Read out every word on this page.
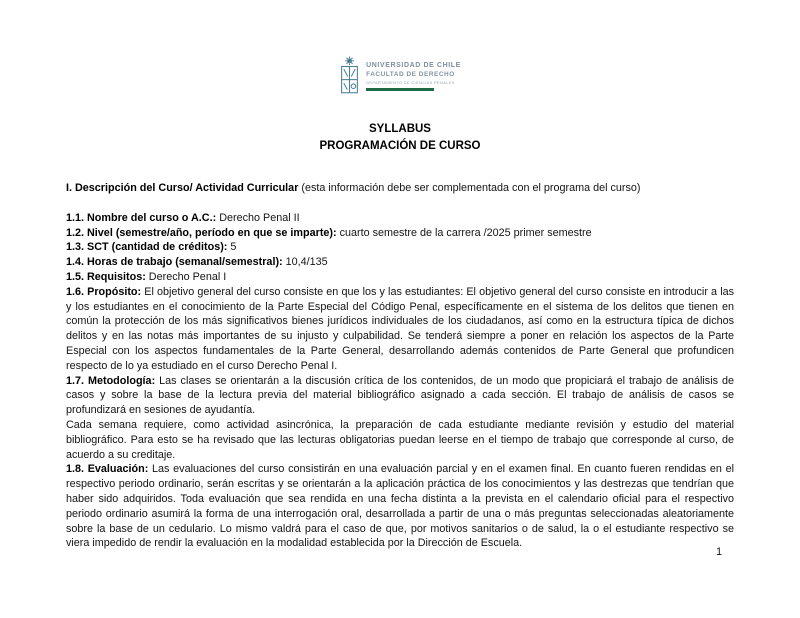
UNIVERSIDAD DE CHILE
FACULTAD DE DERECHO
DEPARTAMENTO DE CIENCIAS PENALES
SYLLABUS
PROGRAMACIÓN DE CURSO

I. Descripción del Curso/ Actividad Curricular (esta información debe ser complementada con el programa del curso)

1.1. Nombre del curso o A.C.: Derecho Penal II
1.2. Nivel (semestre/año, período en que se imparte): cuarto semestre de la carrera /2025 primer semestre
1.3. SCT (cantidad de créditos): 5
1.4. Horas de trabajo (semanal/semestral): 10,4/135
1.5. Requisitos: Derecho Penal I

1.6. Propósito: El objetivo general del curso consiste en que los y las estudiantes: El objetivo general del curso consiste en introducir a las y los estudiantes en el conocimiento de la Parte Especial del Código Penal, específicamente en el sistema de los delitos que tienen en común la protección de los más significativos bienes jurídicos individuales de los ciudadanos, así como en la estructura típica de dichos delitos y en las notas más importantes de su injusto y culpabilidad. Se tenderá siempre a poner en relación los aspectos de la Parte Especial con los aspectos fundamentales de la Parte General, desarrollando además contenidos de Parte General que profundicen respecto de lo ya estudiado en el curso Derecho Penal I.

1.7. Metodología: Las clases se orientarán a la discusión crítica de los contenidos, de un modo que propiciará el trabajo de análisis de casos y sobre la base de la lectura previa del material bibliográfico asignado a cada sección. El trabajo de análisis de casos se profundizará en sesiones de ayudantía.

Cada semana requiere, como actividad asincrónica, la preparación de cada estudiante mediante revisión y estudio del material bibliográfico. Para esto se ha revisado que las lecturas obligatorias puedan leerse en el tiempo de trabajo que corresponde al curso, de acuerdo a su creditaje.

1.8. Evaluación: Las evaluaciones del curso consistirán en una evaluación parcial y en el examen final. En cuanto fueren rendidas en el respectivo periodo ordinario, serán escritas y se orientarán a la aplicación práctica de los conocimientos y las destrezas que tendrían que haber sido adquiridos. Toda evaluación que sea rendida en una fecha distinta a la prevista en el calendario oficial para el respectivo periodo ordinario asumirá la forma de una interrogación oral, desarrollada a partir de una o más preguntas seleccionadas aleatoriamente sobre la base de un cedulario. Lo mismo valdrá para el caso de que, por motivos sanitarios o de salud, la o el estudiante respectivo se viera impedido de rendir la evaluación en la modalidad establecida por la Dirección de Escuela.

1
